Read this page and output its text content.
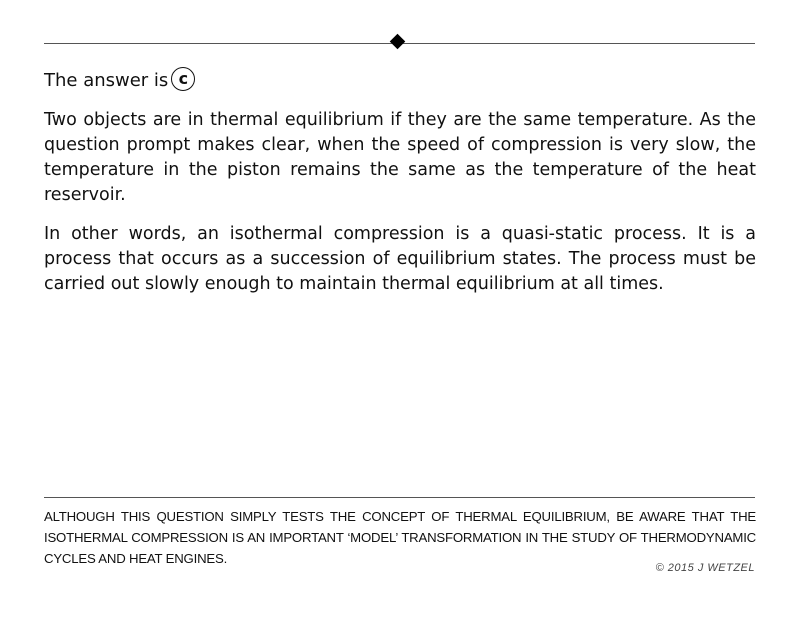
The answer is c

Two objects are in thermal equilibrium if they are the same temperature. As the question prompt makes clear, when the speed of compression is very slow, the temperature in the piston remains the same as the temperature of the heat reservoir.

In other words, an isothermal compression is a quasi-static process. It is a process that occurs as a succession of equilibrium states. The process must be carried out slowly enough to maintain thermal equilibrium at all times.

ALTHOUGH THIS QUESTION SIMPLY TESTS THE CONCEPT OF THERMAL EQUILIBRIUM, BE AWARE THAT THE ISOTHERMAL COMPRESSION IS AN IMPORTANT ‘MODEL’ TRANSFORMATION IN THE STUDY OF THERMODYNAMIC CYCLES AND HEAT ENGINES.

© 2015 J WETZEL
